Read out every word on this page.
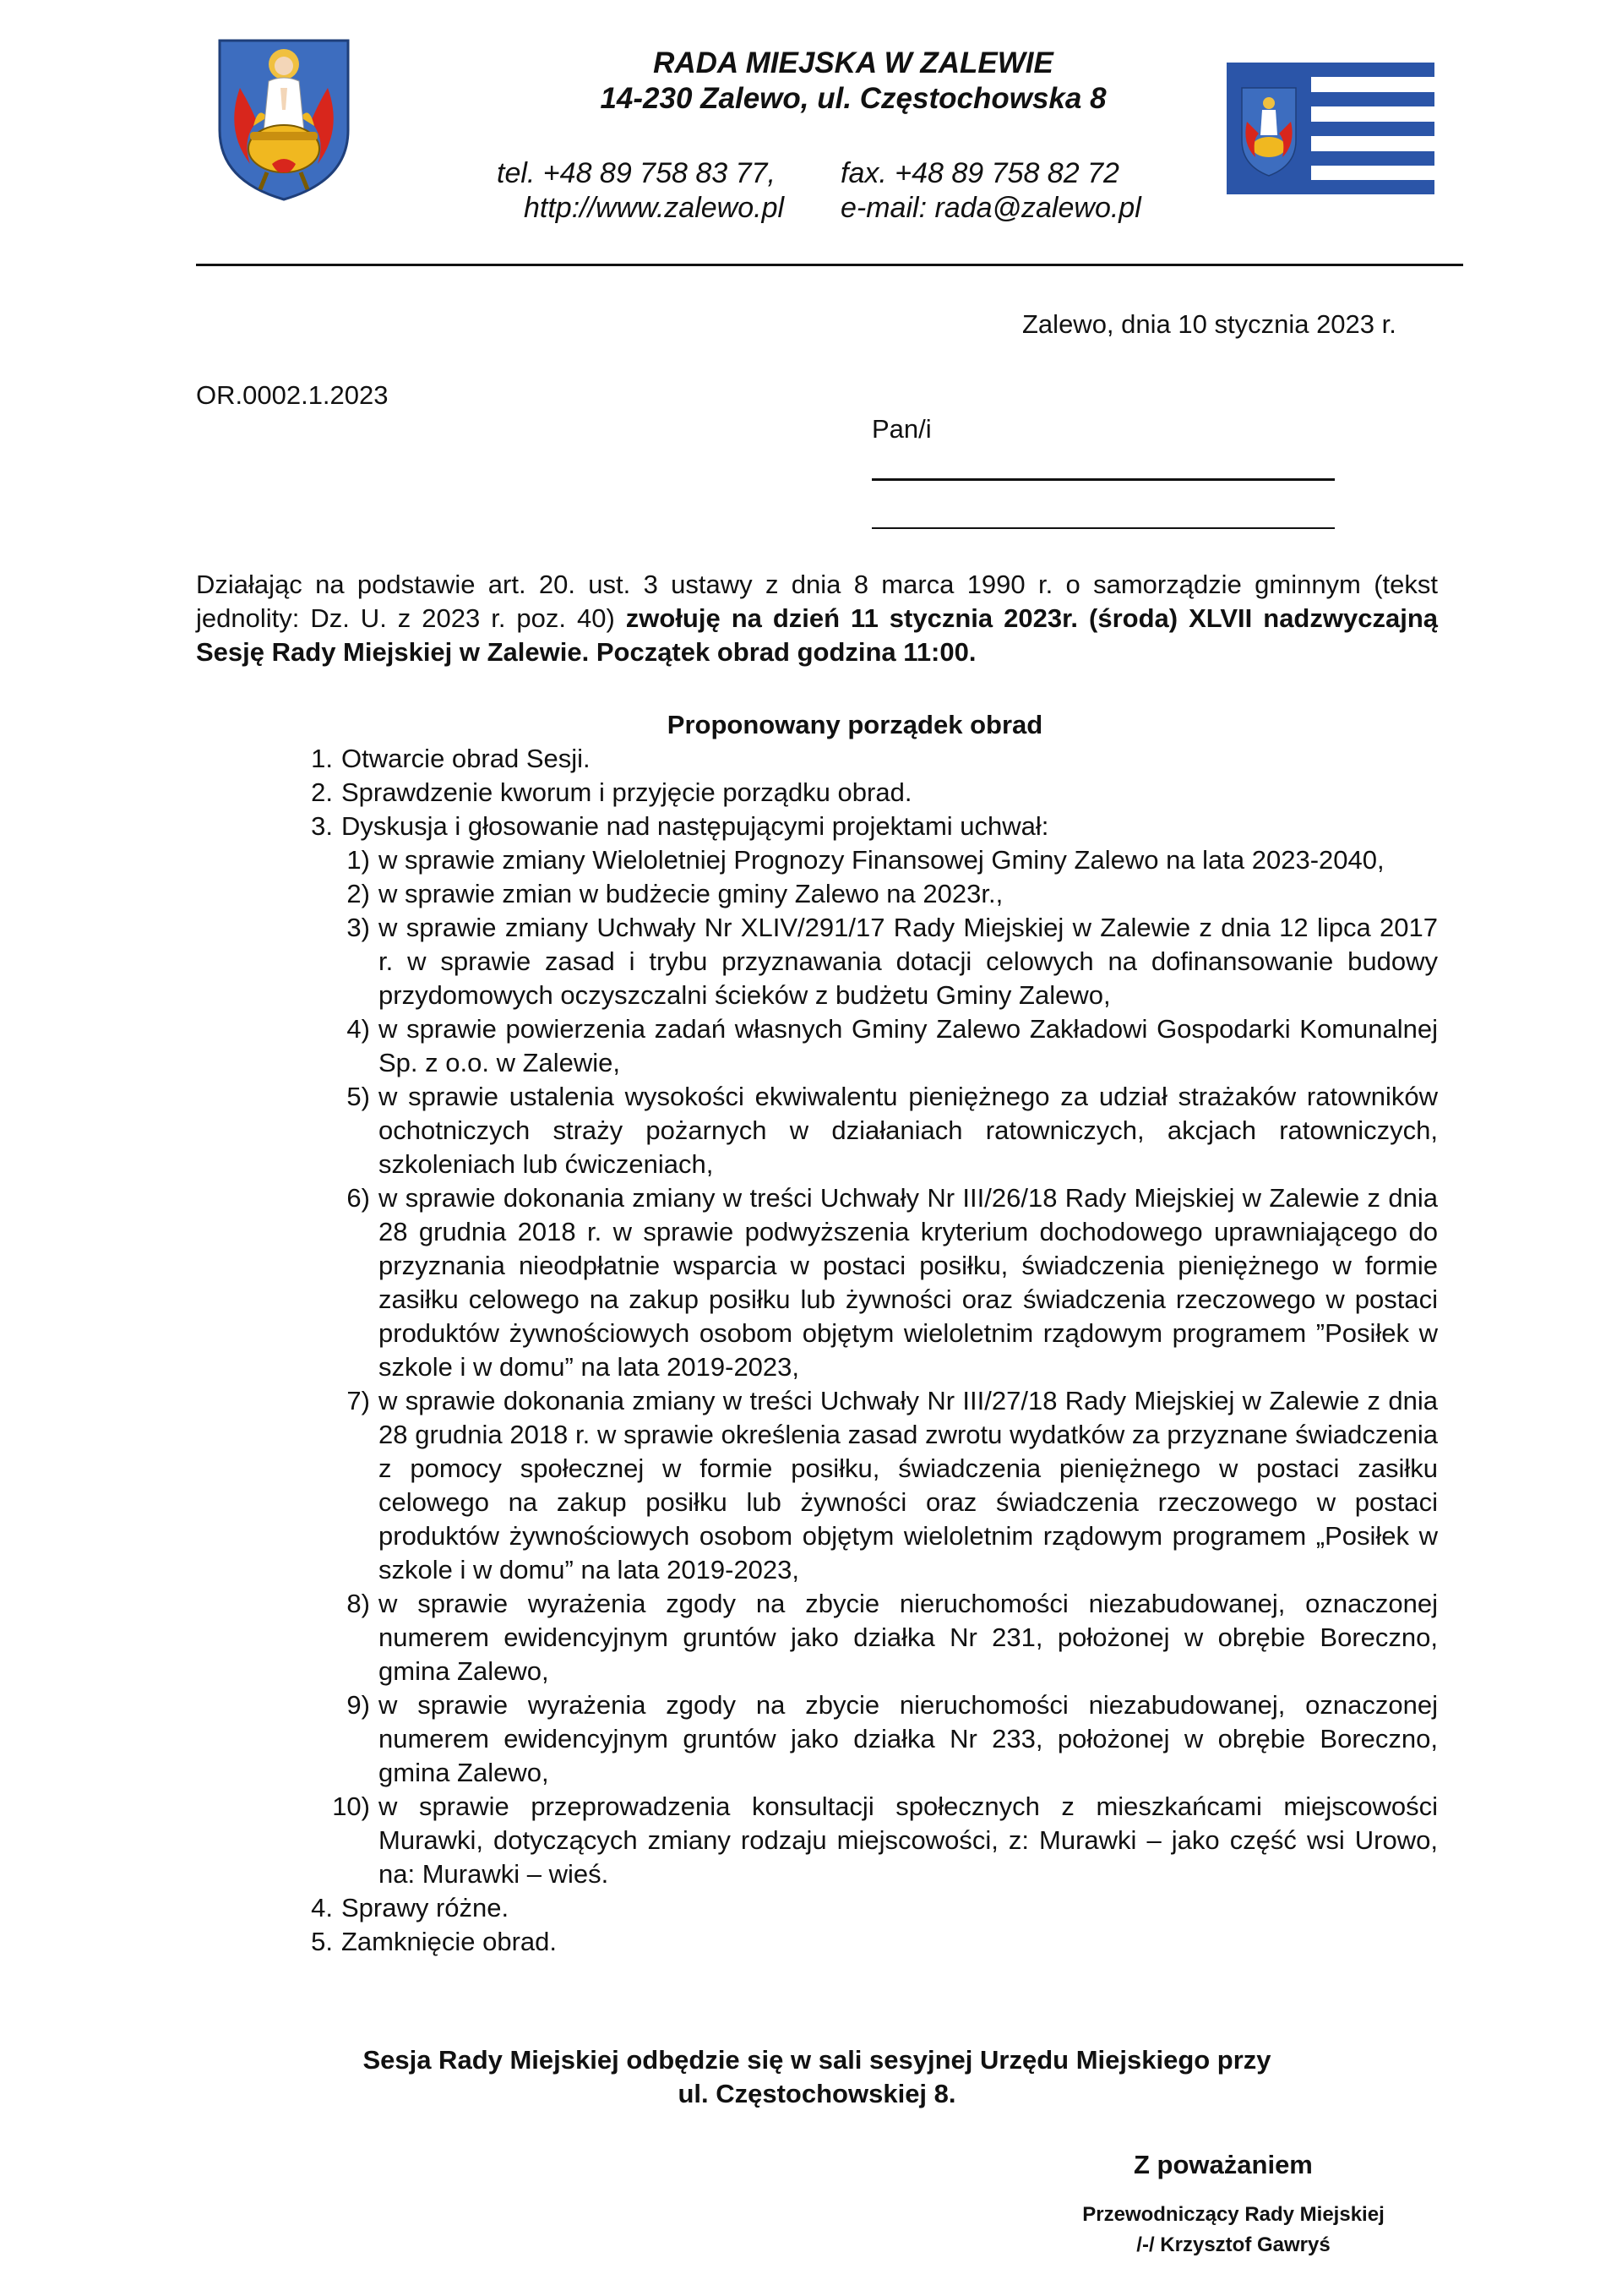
RADA MIEJSKA W ZALEWIE
14-230 Zalewo, ul. Częstochowska 8
tel. +48 89 758 83 77, fax. +48 89 758 82 72
http://www.zalewo.pl e-mail: rada@zalewo.pl
Zalewo, dnia 10 stycznia 2023 r.
OR.0002.1.2023
Pan/i
Działając na podstawie art. 20. ust. 3 ustawy z dnia 8 marca 1990 r. o samorządzie gminnym (tekst jednolity: Dz. U. z 2023 r. poz. 40) zwołuję na dzień 11 stycznia 2023r. (środa) XLVII nadzwyczajną Sesję Rady Miejskiej w Zalewie. Początek obrad godzina 11:00.
Proponowany porządek obrad
1. Otwarcie obrad Sesji.
2. Sprawdzenie kworum i przyjęcie porządku obrad.
3. Dyskusja i głosowanie nad następującymi projektami uchwał:
1) w sprawie zmiany Wieloletniej Prognozy Finansowej Gminy Zalewo na lata 2023-2040,
2) w sprawie zmian w budżecie gminy Zalewo na 2023r.,
3) w sprawie zmiany Uchwały Nr XLIV/291/17 Rady Miejskiej w Zalewie z dnia 12 lipca 2017 r. w sprawie zasad i trybu przyznawania dotacji celowych na dofinansowanie budowy przydomowych oczyszczalni ścieków z budżetu Gminy Zalewo,
4) w sprawie powierzenia zadań własnych Gminy Zalewo Zakładowi Gospodarki Komunalnej Sp. z o.o. w Zalewie,
5) w sprawie ustalenia wysokości ekwiwalentu pieniężnego za udział strażaków ratowników ochotniczych straży pożarnych w działaniach ratowniczych, akcjach ratowniczych, szkoleniach lub ćwiczeniach,
6) w sprawie dokonania zmiany w treści Uchwały Nr III/26/18 Rady Miejskiej w Zalewie z dnia 28 grudnia 2018 r. w sprawie podwyższenia kryterium dochodowego uprawniającego do przyznania nieodpłatnie wsparcia w postaci posiłku, świadczenia pieniężnego w formie zasiłku celowego na zakup posiłku lub żywności oraz świadczenia rzeczowego w postaci produktów żywnościowych osobom objętym wieloletnim rządowym programem ”Posiłek w szkole i w domu” na lata 2019-2023,
7) w sprawie dokonania zmiany w treści Uchwały Nr III/27/18 Rady Miejskiej w Zalewie z dnia 28 grudnia 2018 r. w sprawie określenia zasad zwrotu wydatków za przyznane świadczenia z pomocy społecznej w formie posiłku, świadczenia pieniężnego w postaci zasiłku celowego na zakup posiłku lub żywności oraz świadczenia rzeczowego w postaci produktów żywnościowych osobom objętym wieloletnim rządowym programem „Posiłek w szkole i w domu” na lata 2019-2023,
8) w sprawie wyrażenia zgody na zbycie nieruchomości niezabudowanej, oznaczonej numerem ewidencyjnym gruntów jako działka Nr 231, położonej w obrębie Boreczno, gmina Zalewo,
9) w sprawie wyrażenia zgody na zbycie nieruchomości niezabudowanej, oznaczonej numerem ewidencyjnym gruntów jako działka Nr 233, położonej w obrębie Boreczno, gmina Zalewo,
10) w sprawie przeprowadzenia konsultacji społecznych z mieszkańcami miejscowości Murawki, dotyczących zmiany rodzaju miejscowości, z: Murawki – jako część wsi Urowo, na: Murawki – wieś.
4. Sprawy różne.
5. Zamknięcie obrad.
Sesja Rady Miejskiej odbędzie się w sali sesyjnej Urzędu Miejskiego przy
ul. Częstochowskiej 8.
Z poważaniem
Przewodniczący Rady Miejskiej
/-/ Krzysztof Gawryś
